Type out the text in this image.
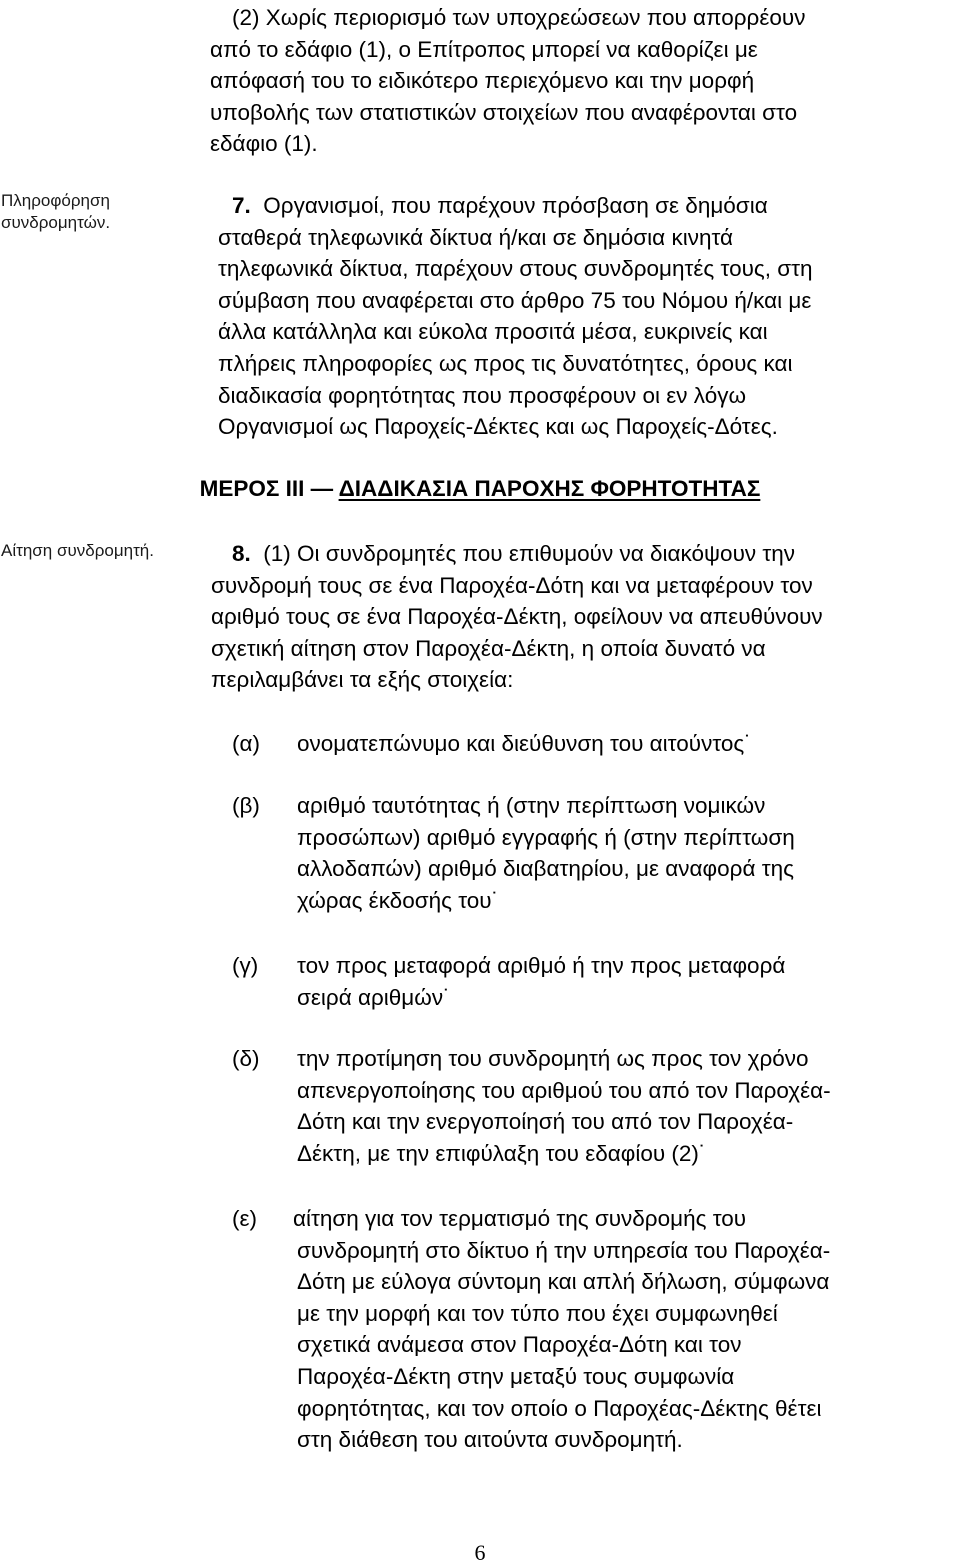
(2) Χωρίς περιορισμό των υποχρεώσεων που απορρέουν
από το εδάφιο (1), ο Επίτροπος μπορεί να καθορίζει με
απόφασή του το ειδικότερο περιεχόμενο και την μορφή
υποβολής των στατιστικών στοιχείων που αναφέρονται στο
εδάφιο (1).
Πληροφόρηση
συνδρομητών.
7. Οργανισμοί, που παρέχουν πρόσβαση σε δημόσια
σταθερά τηλεφωνικά δίκτυα ή/και σε δημόσια κινητά
τηλεφωνικά δίκτυα, παρέχουν στους συνδρομητές τους, στη
σύμβαση που αναφέρεται στο άρθρο 75 του Νόμου ή/και με
άλλα κατάλληλα και εύκολα προσιτά μέσα, ευκρινείς και
πλήρεις πληροφορίες ως προς τις δυνατότητες, όρους και
διαδικασία φορητότητας που προσφέρουν οι εν λόγω
Οργανισμοί ως Παροχείς-Δέκτες και ως Παροχείς-Δότες.
ΜΕΡΟΣ ΙΙΙ — ΔΙΑΔΙΚΑΣΙΑ ΠΑΡΟΧΗΣ ΦΟΡΗΤΟΤΗΤΑΣ
Αίτηση συνδρομητή.	8.  (1) Οι συνδρομητές που επιθυμούν να διακόψουν την
συνδρομή τους σε ένα Παροχέα-Δότη και να μεταφέρουν τον
αριθμό τους σε ένα Παροχέα-Δέκτη, οφείλουν να απευθύνουν
σχετική αίτηση στον Παροχέα-Δέκτη, η οποία δυνατό να
περιλαμβάνει τα εξής στοιχεία:
(α) ονοματεπώνυμο και διεύθυνση του αιτούντος˙
(β) αριθμό ταυτότητας ή (στην περίπτωση νομικών
προσώπων) αριθμό εγγραφής ή (στην περίπτωση
αλλοδαπών) αριθμό διαβατηρίου, με αναφορά της
χώρας έκδοσής του˙
(γ) τον προς μεταφορά αριθμό ή την προς μεταφορά
σειρά αριθμών˙
(δ) την προτίμηση του συνδρομητή ως προς τον χρόνο
απενεργοποίησης του αριθμού του από τον Παροχέα-
Δότη και την ενεργοποίησή του από τον Παροχέα-
Δέκτη, με την επιφύλαξη του εδαφίου (2)˙
(ε) αίτηση για τον τερματισμό της συνδρομής του
συνδρομητή στο δίκτυο ή την υπηρεσία του Παροχέα-
Δότη με εύλογα σύντομη και απλή δήλωση, σύμφωνα
με την μορφή και τον τύπο που έχει συμφωνηθεί
σχετικά ανάμεσα στον Παροχέα-Δότη και τον
Παροχέα-Δέκτη στην μεταξύ τους συμφωνία
φορητότητας, και τον οποίο ο Παροχέας-Δέκτης θέτει
στη διάθεση του αιτούντα συνδρομητή.
6
